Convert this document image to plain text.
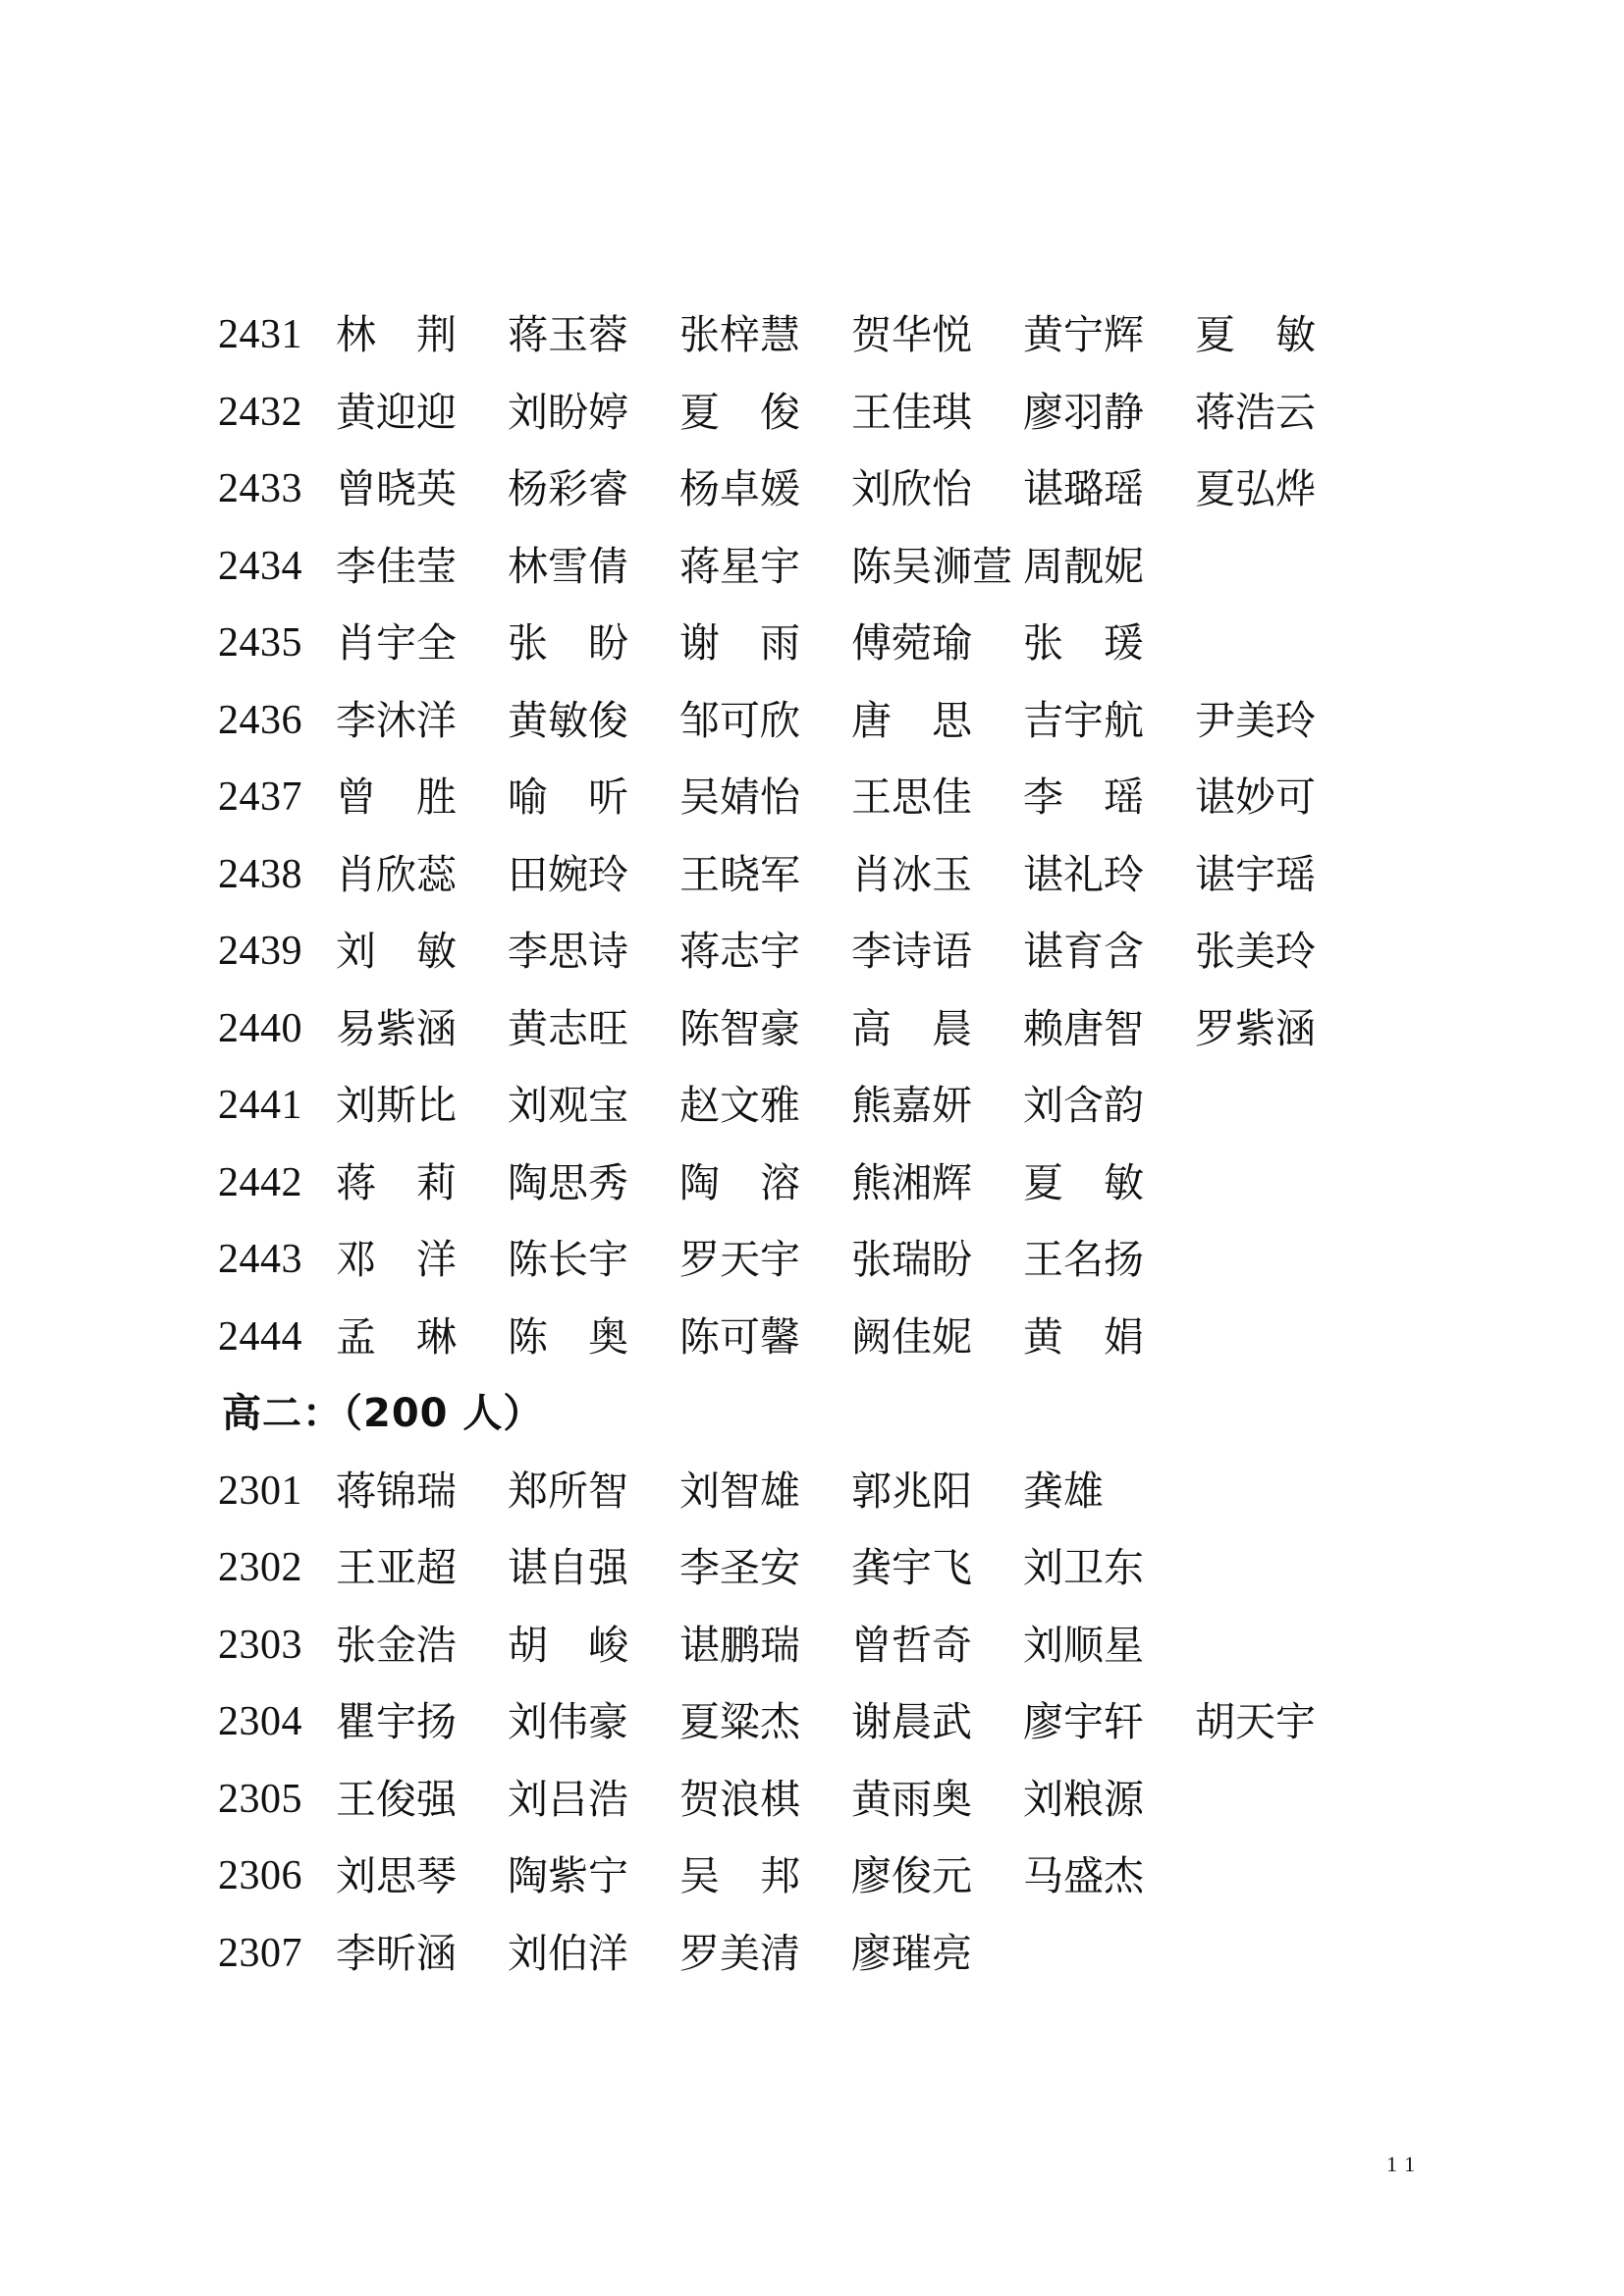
2431 林　荆 蒋玉蓉 张梓慧 贺华悦 黄宁辉 夏　敏
2432 黄迎迎 刘盼婷 夏　俊 王佳琪 廖羽静 蒋浩云
2433 曾晓英 杨彩睿 杨卓媛 刘欣怡 谌璐瑶 夏弘烨
2434 李佳莹 林雪倩 蒋星宇 陈吴浉萱 周靓妮
2435 肖宇全 张　盼 谢　雨 傅菀瑜 张　瑗
2436 李沐洋 黄敏俊 邹可欣 唐　思 吉宇航 尹美玲
2437 曾　胜 喻　听 吴婧怡 王思佳 李　瑶 谌妙可
2438 肖欣蕊 田婉玲 王晓军 肖冰玉 谌礼玲 谌宇瑶
2439 刘　敏 李思诗 蒋志宇 李诗语 谌育含 张美玲
2440 易紫涵 黄志旺 陈智豪 高　晨 赖唐智 罗紫涵
2441 刘斯比 刘观宝 赵文雅 熊嘉妍 刘含韵
2442 蒋　莉 陶思秀 陶　溶 熊湘辉 夏　敏
2443 邓　洋 陈长宇 罗天宇 张瑞盼 王名扬
2444 孟　琳 陈　奥 陈可馨 阙佳妮 黄　娟
高二：（200 人）
2301 蒋锦瑞 郑所智 刘智雄 郭兆阳 龚雄
2302 王亚超 谌自强 李圣安 龚宇飞 刘卫东
2303 张金浩 胡　峻 谌鹏瑞 曾哲奇 刘顺星
2304 瞿宇扬 刘伟豪 夏粱杰 谢晨武 廖宇轩 胡天宇
2305 王俊强 刘吕浩 贺浪棋 黄雨奥 刘粮源
2306 刘思琴 陶紫宁 吴　邦 廖俊元 马盛杰
2307 李昕涵 刘伯洋 罗美清 廖璀亮
11
